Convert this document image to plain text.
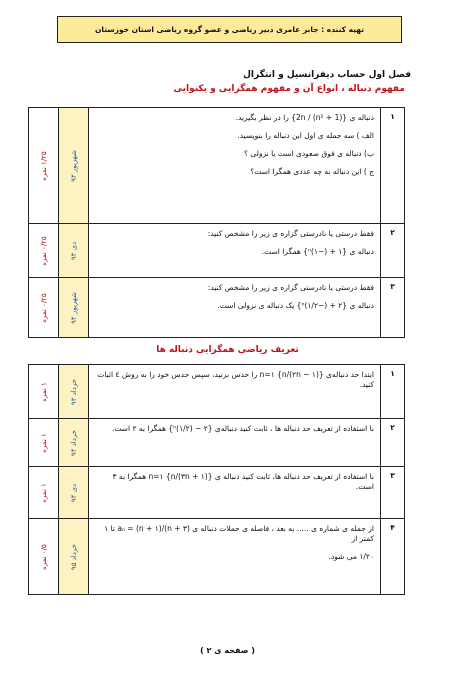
تهیه کننده : جابر عامری دبیر ریاضی و عضو گروه ریاضی استان خوزستان
فصل اول حساب دیفرانسیل و انتگرال
مفهوم دنباله ، انواع آن و مفهوم همگرایی و یکنوایی
۱	دنباله ی {2n / (n² + 1)} را در نظر بگیرید.
الف ) سه جمله ی اول این دنباله را بنویسید.
ب) دنباله ی فوق صعودی است یا نزولی ؟
ج ) این دنباله به چه عددی همگرا است؟	شهریور ۹۳	۱/۲۵ نمره

۲	فقط درستی یا نادرستی گزاره ی زیر را مشخص کنید:
دنباله ی {۱ + (−۱)ⁿ} همگرا است.	دی ۹۳	۰/۲۵ نمره

۳	فقط درستی یا نادرستی گزاره ی زیر را مشخص کنید:
دنباله ی {۲ + (−۱/۲)ⁿ} یک دنباله ی نزولی است.	شهریور ۹۴	۰/۲۵ نمره
تعریف ریاضی همگرایی دنباله ها
۱	ابتدا حد دنباله‌ی {(۲n − ۱)/n} n=۱ را حدس بزنید، سپس حدس خود را به روش ε اثبات کنید.	خرداد ۹۳	۱ نمره

۲	با استفاده از تعریف حد دنباله ها ، ثابت کنید دنباله‌ی {۲ − (۱/۲)ⁿ} همگرا به ۲ است.	خرداد ۹۴	۱ نمره

۳	با استفاده از تعریف حد دنباله ها، ثابت کنید دنباله ی {(۳n + ۱)/n} n=۱ همگرا به ۳ است.	دی ۹۴	۱ نمره

۴	از جمله ی شماره ی ..... به بعد ، فاصله ی جملات دنباله ی aₙ = (n + ۱)/(n + ۳) تا ۱ کمتر از
۱/۲۰ می شود.	خرداد ۹۵	۰/۵ نمره
( صفحه ی ۲ )
